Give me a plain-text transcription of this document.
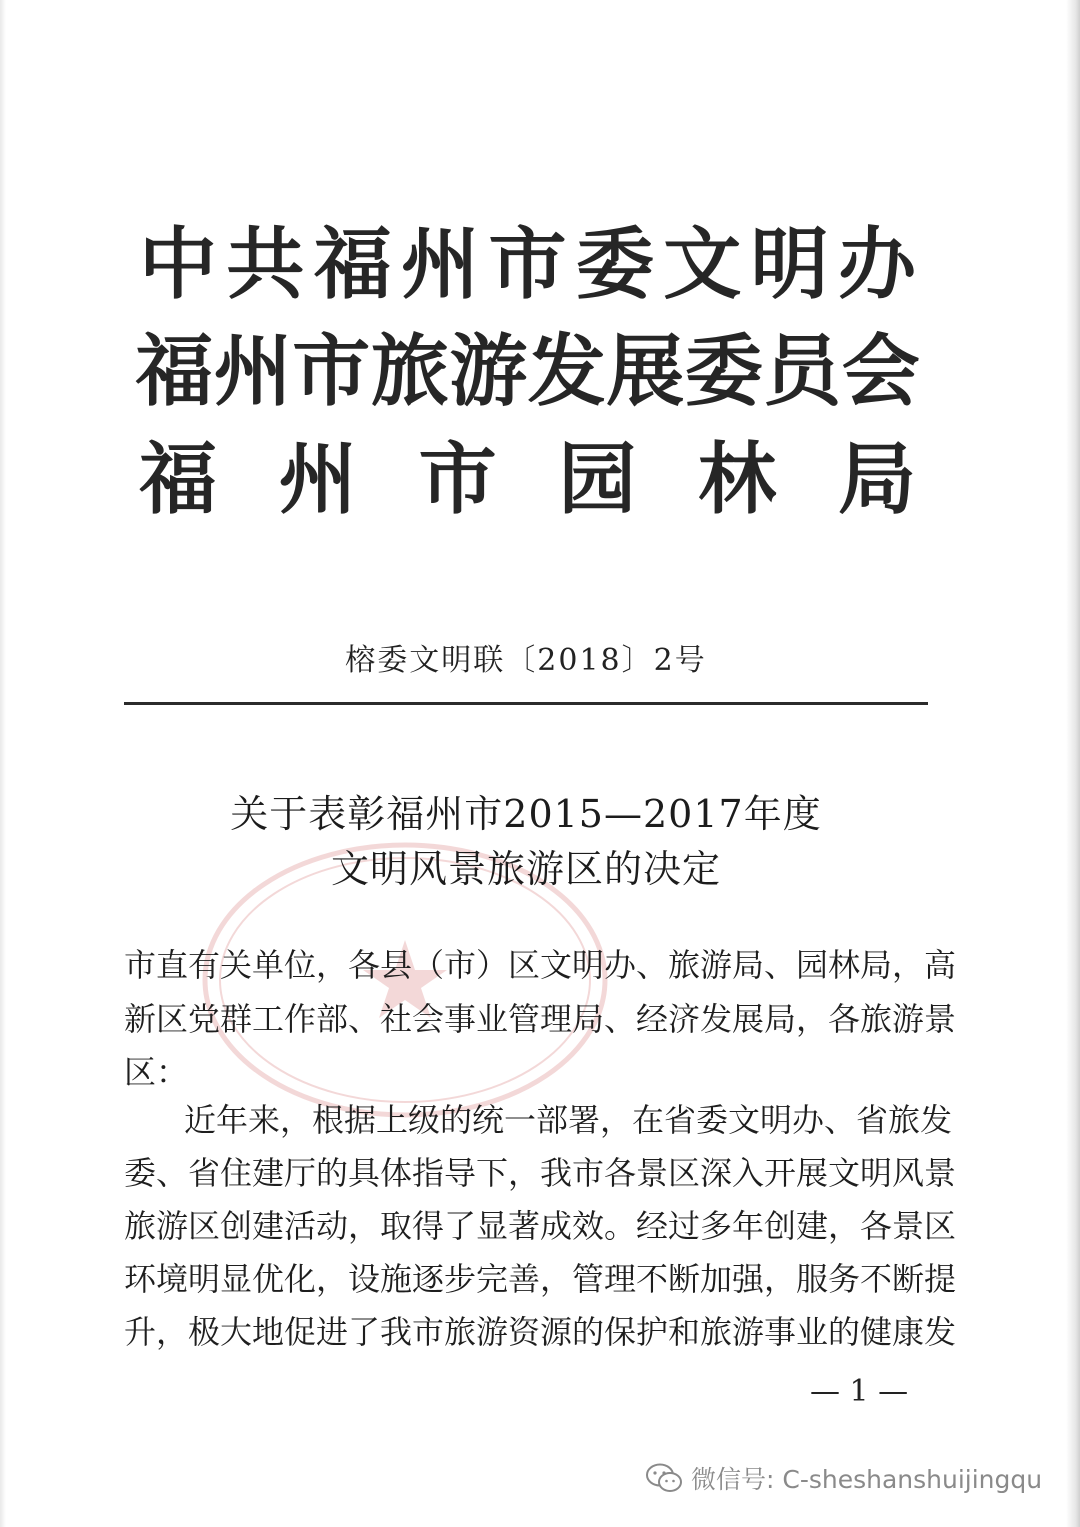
中 共 福 州 市 委 文 明 办
福 州 市 旅 游 发 展 委 员 会
福 州 市 园 林 局
榕委文明联〔2018〕2号
关于表彰福州市2015—2017年度
文明风景旅游区的决定
市直有关单位，各县（市）区文明办、旅游局、园林局，高
新区党群工作部、社会事业管理局、经济发展局，各旅游景
区：
近年来，根据上级的统一部署，在省委文明办、省旅发
委、省住建厅的具体指导下，我市各景区深入开展文明风景
旅游区创建活动，取得了显著成效。经过多年创建，各景区
环境明显优化，设施逐步完善，管理不断加强，服务不断提
升，极大地促进了我市旅游资源的保护和旅游事业的健康发
— 1 —
微信号: C-sheshanshuijingqu
